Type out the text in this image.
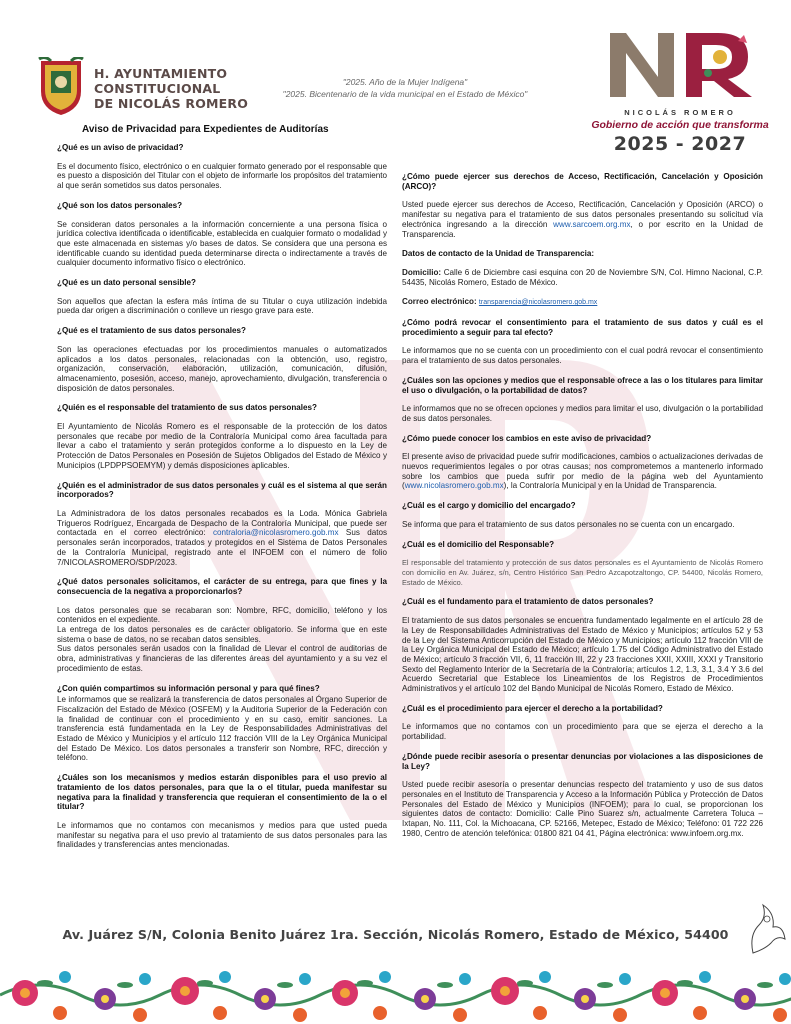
H. AYUNTAMIENTO
CONSTITUCIONAL
DE NICOLÁS ROMERO
"2025. Año de la Mujer Indígena"
"2025. Bicentenario de la vida municipal en el Estado de México"
NICOLÁS ROMERO
Gobierno de acción que transforma
2025 - 2027
Aviso de Privacidad para Expedientes de Auditorías
¿Qué es un aviso de privacidad?
Es el documento físico, electrónico o en cualquier formato generado por el responsable que es puesto a disposición del Titular con el objeto de informarle los propósitos del tratamiento al que serán sometidos sus datos personales.
¿Qué son los datos personales?
Se consideran datos personales a la información concerniente a una persona física o jurídica colectiva identificada o identificable, establecida en cualquier formato o modalidad y que este almacenada en sistemas y/o bases de datos. Se considera que una persona es identificable cuando su identidad pueda determinarse directa o indirectamente a través de cualquier documento informativo físico o electrónico.
¿Qué es un dato personal sensible?
Son aquellos que afectan la esfera más íntima de su Titular o cuya utilización indebida pueda dar origen a discriminación o conlleve un riesgo grave para este.
¿Qué es el tratamiento de sus datos personales?
Son las operaciones efectuadas por los procedimientos manuales o automatizados aplicados a los datos personales, relacionadas con la obtención, uso, registro, organización, conservación, elaboración, utilización, comunicación, difusión, almacenamiento, posesión, acceso, manejo, aprovechamiento, divulgación, transferencia o disposición de datos personales.
¿Quién es el responsable del tratamiento de sus datos personales?
El Ayuntamiento de Nicolás Romero es el responsable de la protección de los datos personales que recabe por medio de la Contraloría Municipal como área facultada para llevar a cabo el tratamiento y serán protegidos conforme a lo dispuesto en la Ley de Protección de Datos Personales en Posesión de Sujetos Obligados del Estado de México y Municipios (LPDPPSOEMYM) y demás disposiciones aplicables.
¿Quién es el administrador de sus datos personales y cuál es el sistema al que serán incorporados?
La Administradora de los datos personales recabados es la Loda. Mónica Gabriela Trigueros Rodríguez, Encargada de Despacho de la Contraloría Municipal, que puede ser contactada en el correo electrónico: contraloria@nicolasromero.gob.mx Sus datos personales serán incorporados, tratados y protegidos en el Sistema de Datos Personales de la Contraloría Municipal, registrado ante el INFOEM con el número de folio 7/NICOLASROMERO/SDP/2023.
¿Qué datos personales solicitamos, el carácter de su entrega, para que fines y la consecuencia de la negativa a proporcionarlos?
Los datos personales que se recabaran son: Nombre, RFC, domicilio, teléfono y los contenidos en el expediente.
La entrega de los datos personales es de carácter obligatorio. Se informa que en este sistema o base de datos, no se recaban datos sensibles.
Sus datos personales serán usados con la finalidad de Llevar el control de auditorias de obra, administrativas y financieras de las diferentes áreas del ayuntamiento y a su vez el procedimiento de estas.
¿Con quién compartimos su información personal y para qué fines?
Le informamos que se realizará la transferencia de datos personales al Órgano Superior de Fiscalización del Estado de México (OSFEM) y la Auditoria Superior de la Federación con la finalidad de continuar con el procedimiento y en su caso, emitir sanciones. La transferencia está fundamentada en la Ley de Responsabilidades Administrativas del Estado de México y Municipios y el artículo 112 fracción VIII de la Ley Orgánica Municipal del Estado De México. Los datos personales a transferir son Nombre, RFC, dirección y teléfono.
¿Cuáles son los mecanismos y medios estarán disponibles para el uso previo al tratamiento de los datos personales, para que la o el titular, pueda manifestar su negativa para la finalidad y transferencia que requieran el consentimiento de la o el titular?
Le informamos que no contamos con mecanismos y medios para que usted pueda manifestar su negativa para el uso previo al tratamiento de sus datos personales para las finalidades y transferencias antes mencionadas.
¿Cómo puede ejercer sus derechos de Acceso, Rectificación, Cancelación y Oposición (ARCO)?
Usted puede ejercer sus derechos de Acceso, Rectificación, Cancelación y Oposición (ARCO) o manifestar su negativa para el tratamiento de sus datos personales presentando su solicitud vía electrónica ingresando a la dirección www.sarcoem.org.mx, o por escrito en la Unidad de Transparencia.
Datos de contacto de la Unidad de Transparencia:
Domicilio: Calle 6 de Diciembre casi esquina con 20 de Noviembre S/N, Col. Himno Nacional, C.P. 54435, Nicolás Romero, Estado de México.
Correo electrónico: transparencia@nicolasromero.gob.mx
¿Cómo podrá revocar el consentimiento para el tratamiento de sus datos y cuál es el procedimiento a seguir para tal efecto?
Le informamos que no se cuenta con un procedimiento con el cual podrá revocar el consentimiento para el tratamiento de sus datos personales.
¿Cuáles son las opciones y medios que el responsable ofrece a las o los titulares para limitar el uso o divulgación, o la portabilidad de datos?
Le informamos que no se ofrecen opciones y medios para limitar el uso, divulgación o la portabilidad de sus datos personales.
¿Cómo puede conocer los cambios en este aviso de privacidad?
El presente aviso de privacidad puede sufrir modificaciones, cambios o actualizaciones derivadas de nuevos requerimientos legales o por otras causas; nos comprometemos a mantenerlo informado sobre los cambios que pueda sufrir por medio de la página web del Ayuntamiento (www.nicolasromero.gob.mx), la Contraloría Municipal y en la Unidad de Transparencia.
¿Cuál es el cargo y domicilio del encargado?
Se informa que para el tratamiento de sus datos personales no se cuenta con un encargado.
¿Cuál es el domicilio del Responsable?
El responsable del tratamiento y protección de sus datos personales es el Ayuntamiento de Nicolás Romero con domicilio en Av. Juárez, s/n, Centro Histórico San Pedro Azcapotzaltongo, CP. 54400, Nicolás Romero, Estado de México.
¿Cuál es el fundamento para el tratamiento de datos personales?
El tratamiento de sus datos personales se encuentra fundamentado legalmente en el artículo 28 de la Ley de Responsabilidades Administrativas del Estado de México y Municipios; artículos 52 y 53 de la Ley del Sistema Anticorrupción del Estado de México y Municipios; artículo 112 fracción VIII de la Ley Orgánica Municipal del Estado de México; artículo 1.75 del Código Administrativo del Estado de México; artículo 3 fracción VII, 6, 11 fracción III, 22 y 23 fracciones XXII, XXIII, XXXI y Transitorio Sexto del Reglamento Interior de la Secretaría de la Contraloría; artículos 1.2, 1.3, 3.1, 3.4 Y 3.6 del Acuerdo Secretarial que Establece los Lineamientos de los Registros de Procedimientos Administrativos y el artículo 102 del Bando Municipal de Nicolás Romero, Estado de México.
¿Cuál es el procedimiento para ejercer el derecho a la portabilidad?
Le informamos que no contamos con un procedimiento para que se ejerza el derecho a la portabilidad.
¿Dónde puede recibir asesoría o presentar denuncias por violaciones a las disposiciones de la Ley?
Usted puede recibir asesoría o presentar denuncias respecto del tratamiento y uso de sus datos personales en el Instituto de Transparencia y Acceso a la Información Pública y Protección de Datos Personales del Estado de México y Municipios (INFOEM); para lo cual, se proporcionan los siguientes datos de contacto: Domicilio: Calle Pino Suarez s/n, actualmente Carretera Toluca – Ixtapan, No. 111, Col. la Michoacana, CP. 52166, Metepec, Estado de México; Teléfono: 01 722 226 1980, Centro de atención telefónica: 01800 821 04 41, Página electrónica: www.infoem.org.mx.
Av. Juárez S/N, Colonia Benito Juárez 1ra. Sección, Nicolás Romero, Estado de México, 54400
